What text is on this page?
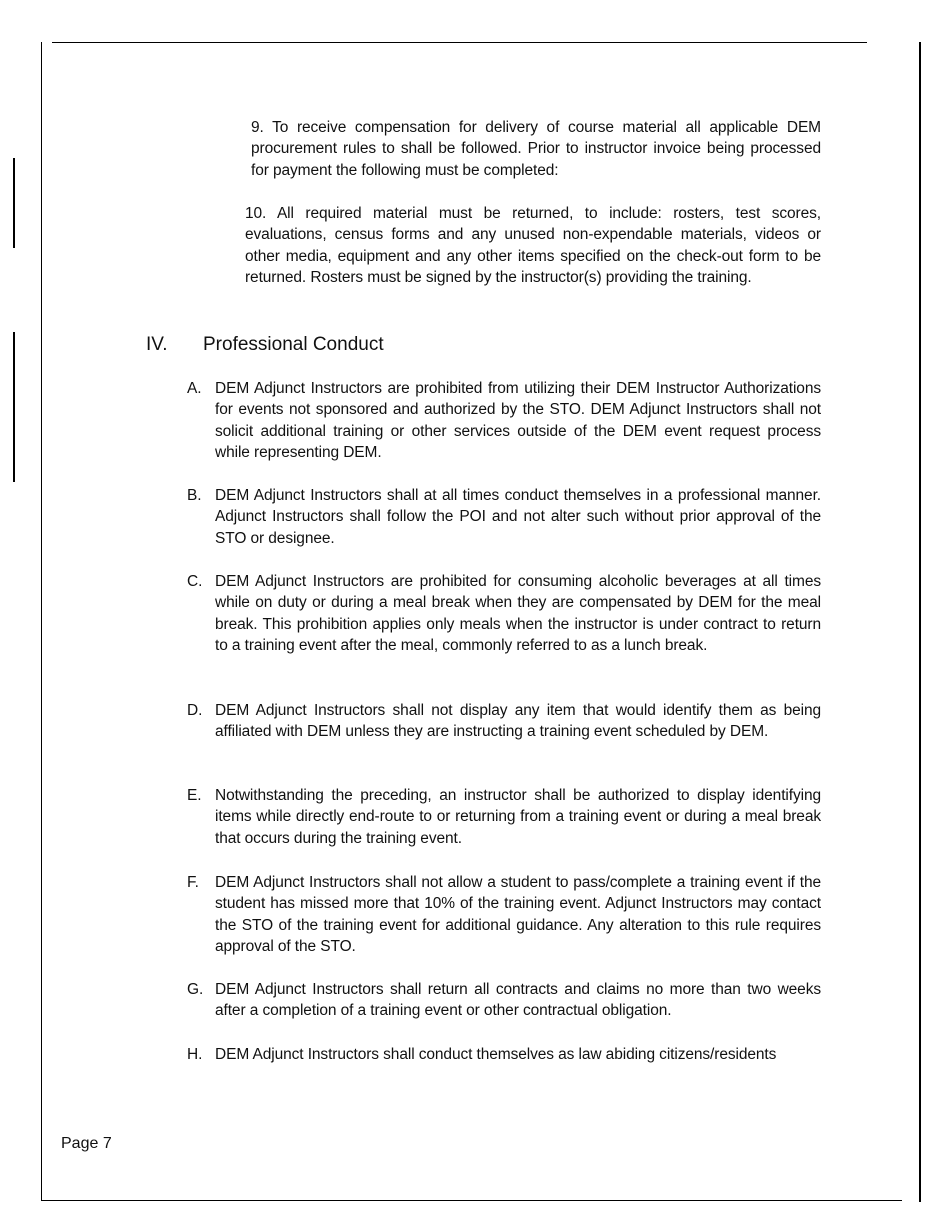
9. To receive compensation for delivery of course material all applicable DEM procurement rules to shall be followed. Prior to instructor invoice being processed for payment the following must be completed:

10. All required material must be returned, to include: rosters, test scores, evaluations, census forms and any unused non-expendable materials, videos or other media, equipment and any other items specified on the check-out form to be returned. Rosters must be signed by the instructor(s) providing the training.

IV. Professional Conduct
A. DEM Adjunct Instructors are prohibited from utilizing their DEM Instructor Authorizations for events not sponsored and authorized by the STO. DEM Adjunct Instructors shall not solicit additional training or other services outside of the DEM event request process while representing DEM.
B. DEM Adjunct Instructors shall at all times conduct themselves in a professional manner. Adjunct Instructors shall follow the POI and not alter such without prior approval of the STO or designee.
C. DEM Adjunct Instructors are prohibited for consuming alcoholic beverages at all times while on duty or during a meal break when they are compensated by DEM for the meal break. This prohibition applies only meals when the instructor is under contract to return to a training event after the meal, commonly referred to as a lunch break.
D. DEM Adjunct Instructors shall not display any item that would identify them as being affiliated with DEM unless they are instructing a training event scheduled by DEM.
E. Notwithstanding the preceding, an instructor shall be authorized to display identifying items while directly end-route to or returning from a training event or during a meal break that occurs during the training event.
F.	DEM Adjunct Instructors shall not allow a student to pass/complete a training event if the student has missed more that 10% of the training event. Adjunct Instructors may contact the STO of the training event for additional guidance. Any alteration to this rule requires approval of the STO.
G. DEM Adjunct Instructors shall return all contracts and claims no more than two weeks after a completion of a training event or other contractual obligation.
H. DEM Adjunct Instructors shall conduct themselves as law abiding citizens/residents
Page 7
